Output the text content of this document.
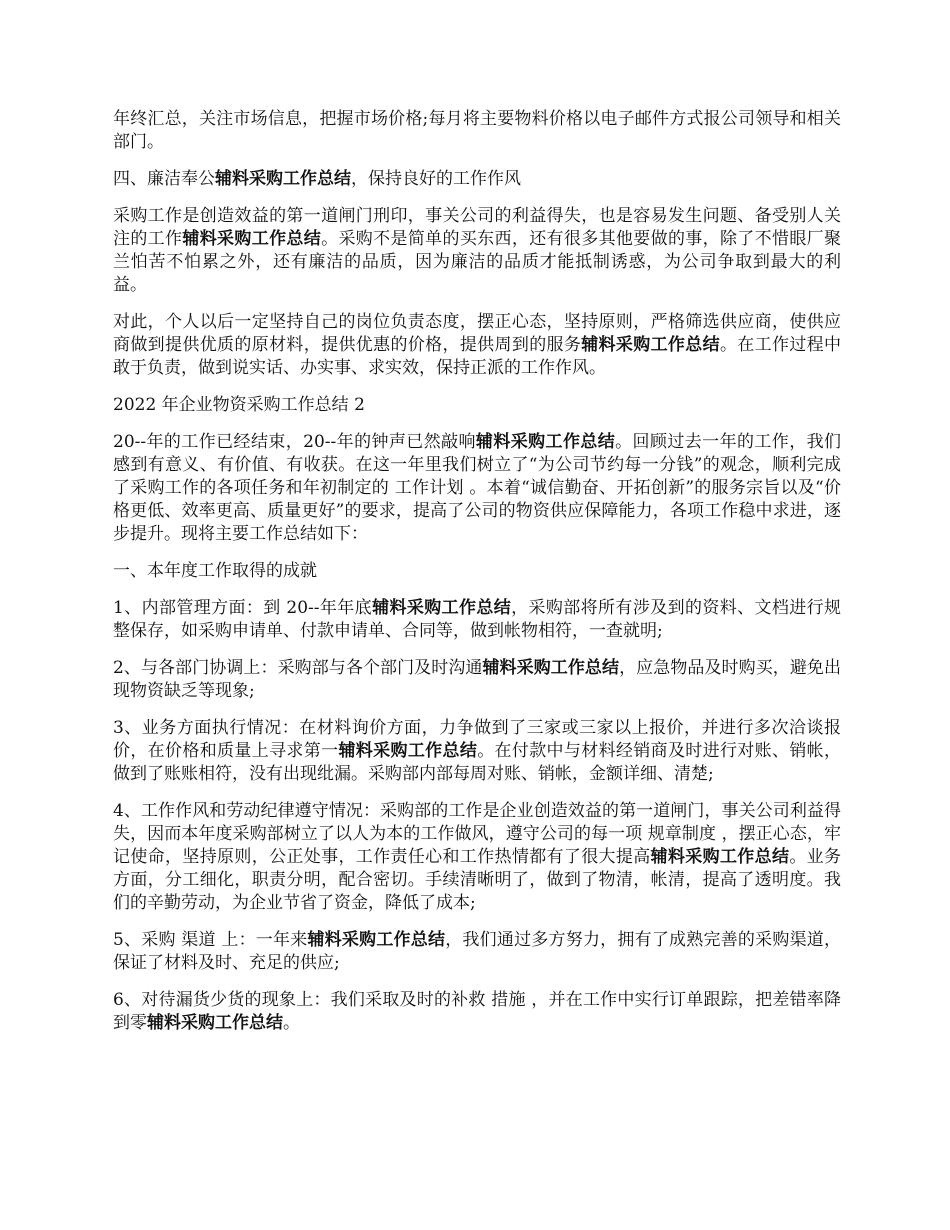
年终汇总，关注市场信息，把握市场价格;每月将主要物料价格以电子邮件方式报公司领导和相关部门。

四、廉洁奉公辅料采购工作总结，保持良好的工作作风

采购工作是创造效益的第一道闸门刑印，事关公司的利益得失，也是容易发生问题、备受别人关注的工作辅料采购工作总结。采购不是简单的买东西，还有很多其他要做的事，除了不惜眼厂聚兰怕苦不怕累之外，还有廉洁的品质，因为廉洁的品质才能抵制诱惑，为公司争取到最大的利益。

对此，个人以后一定坚持自己的岗位负责态度，摆正心态，坚持原则，严格筛选供应商，使供应商做到提供优质的原材料，提供优惠的价格，提供周到的服务辅料采购工作总结。在工作过程中敢于负责，做到说实话、办实事、求实效，保持正派的工作作风。

2022 年企业物资采购工作总结 2

20--年的工作已经结束，20--年的钟声已然敲响辅料采购工作总结。回顾过去一年的工作，我们感到有意义、有价值、有收获。在这一年里我们树立了“为公司节约每一分钱”的观念，顺利完成了采购工作的各项任务和年初制定的 工作计划 。本着“诚信勤奋、开拓创新”的服务宗旨以及“价格更低、效率更高、质量更好”的要求，提高了公司的物资供应保障能力，各项工作稳中求进，逐步提升。现将主要工作总结如下：

一、本年度工作取得的成就

1、内部管理方面：到 20--年年底辅料采购工作总结，采购部将所有涉及到的资料、文档进行规整保存，如采购申请单、付款申请单、合同等，做到帐物相符，一查就明;

2、与各部门协调上：采购部与各个部门及时沟通辅料采购工作总结，应急物品及时购买，避免出现物资缺乏等现象;

3、业务方面执行情况：在材料询价方面，力争做到了三家或三家以上报价，并进行多次洽谈报价，在价格和质量上寻求第一辅料采购工作总结。在付款中与材料经销商及时进行对账、销帐，做到了账账相符，没有出现纰漏。采购部内部每周对账、销帐，金额详细、清楚;

4、工作作风和劳动纪律遵守情况：采购部的工作是企业创造效益的第一道闸门，事关公司利益得失，因而本年度采购部树立了以人为本的工作做风，遵守公司的每一项 规章制度 ，摆正心态，牢记使命，坚持原则，公正处事，工作责任心和工作热情都有了很大提高辅料采购工作总结。业务方面，分工细化，职责分明，配合密切。手续清晰明了，做到了物清，帐清，提高了透明度。我们的辛勤劳动，为企业节省了资金，降低了成本;

5、采购 渠道 上：一年来辅料采购工作总结，我们通过多方努力，拥有了成熟完善的采购渠道，保证了材料及时、充足的供应;

6、对待漏货少货的现象上：我们采取及时的补救 措施 ，并在工作中实行订单跟踪，把差错率降到零辅料采购工作总结。
